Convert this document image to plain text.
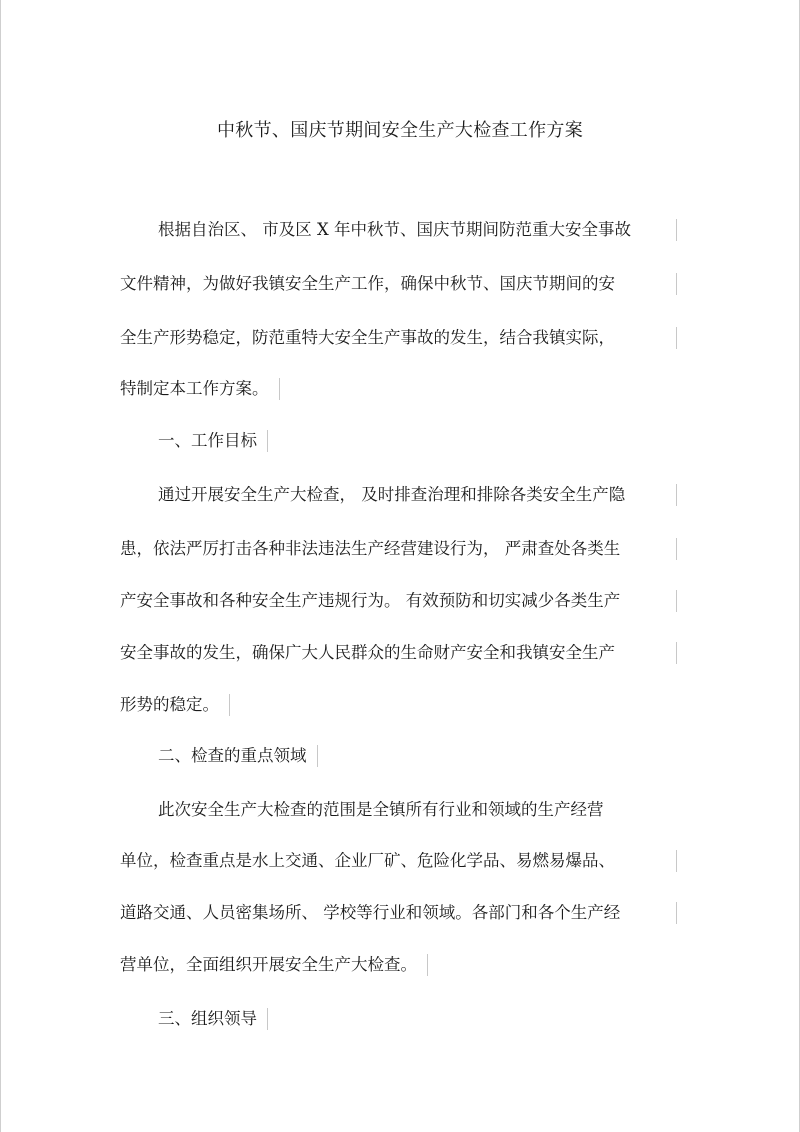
中秋节、国庆节期间安全生产大检查工作方案
根据自治区、 市及区 X 年中秋节、国庆节期间防范重大安全事故
文件精神，为做好我镇安全生产工作，确保中秋节、国庆节期间的安
全生产形势稳定，防范重特大安全生产事故的发生，结合我镇实际，
特制定本工作方案。
一、工作目标
通过开展安全生产大检查， 及时排查治理和排除各类安全生产隐
患，依法严厉打击各种非法违法生产经营建设行为， 严肃查处各类生
产安全事故和各种安全生产违规行为。 有效预防和切实减少各类生产
安全事故的发生，确保广大人民群众的生命财产安全和我镇安全生产
形势的稳定。
二、检查的重点领域
此次安全生产大检查的范围是全镇所有行业和领域的生产经营
单位，检查重点是水上交通、企业厂矿、危险化学品、易燃易爆品、
道路交通、人员密集场所、 学校等行业和领域。各部门和各个生产经
营单位，全面组织开展安全生产大检查。
三、组织领导
